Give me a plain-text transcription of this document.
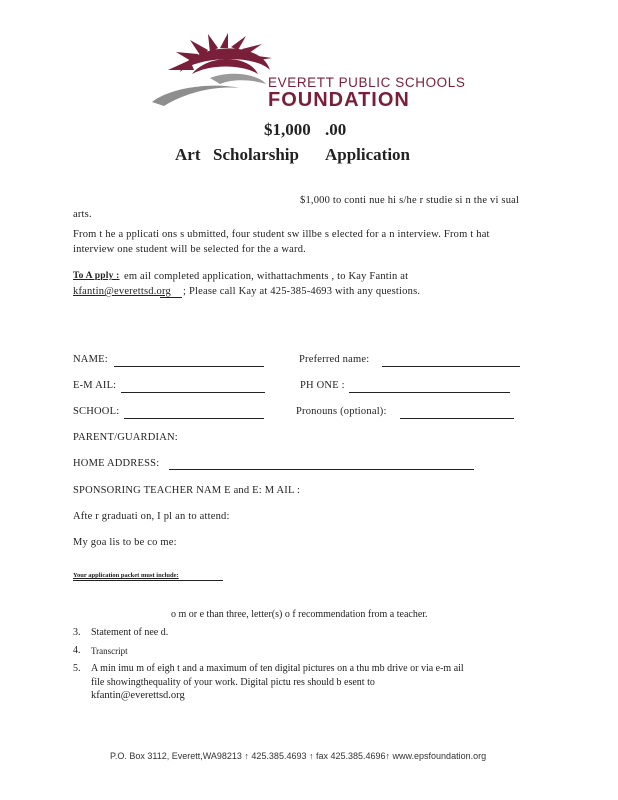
EVERETT PUBLIC SCHOOLS
FOUNDATION
$1,000 .00
Art Scholarship Application
$1,000 to conti nue hi s/he r studie si n the vi sual
arts.
From t he a pplicati ons s ubmitted, four student sw illbe s elected for a n interview. From t hat
interview one student will be selected for the a ward.
To A pply : em ail completed application, withattachments , to Kay Fantin at
kfantin@everettsd.org ; Please call Kay at 425-385-4693 with any questions.
NAME:	Preferred name:
E-M AIL:	PH ONE :
SCHOOL:	Pronouns (optional):
PARENT/GUARDIAN:
HOME ADDRESS:
SPONSORING TEACHER NAM E and E: M AIL :
Afte r graduati on, I pl an to attend:
My goa lis to be co me:
Your application packet must include:
o m or e than three, letter(s) o f recommendation from a teacher.
3. Statement of nee d.
4. Transcript
5. A min imu m of eigh t and a maximum of ten digital pictures on a thu mb drive or via e-m ail
file showingthequality of your work. Digital pictu res should b esent to
kfantin@everettsd.org
P.O. Box 3112, Everett,WA98213 ↑ 425.385.4693 ↑ fax 425.385.4696↑ www.epsfoundation.org
